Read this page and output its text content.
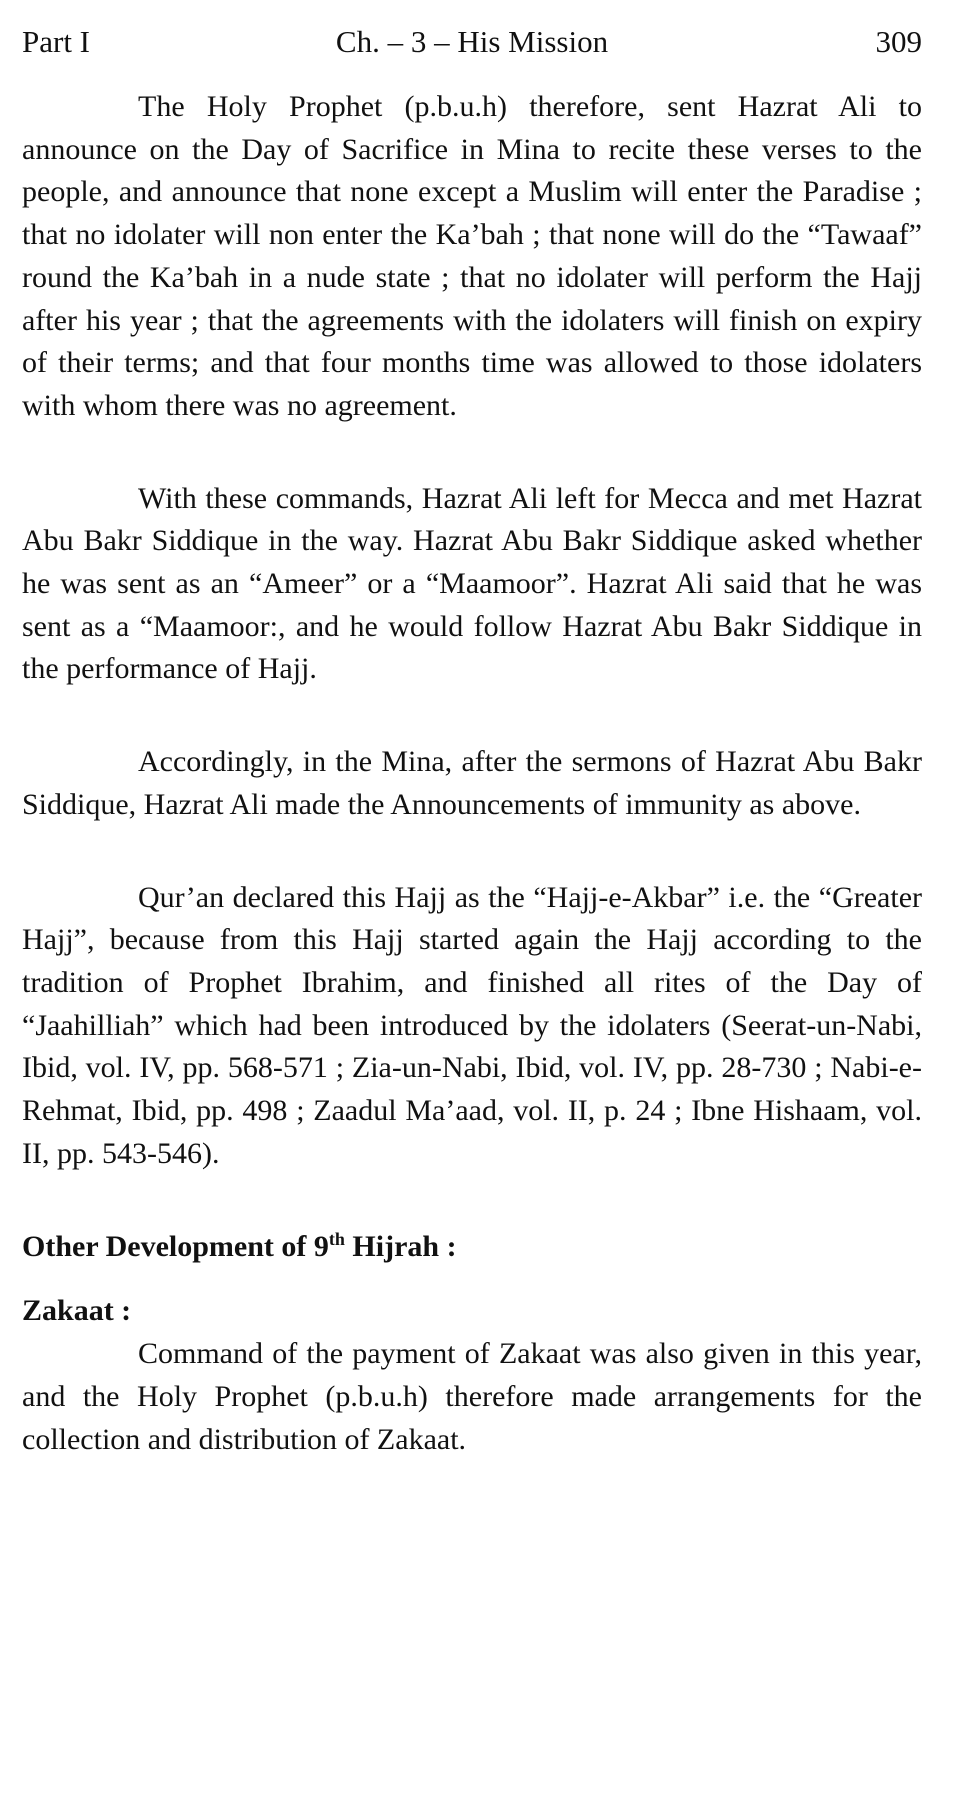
Part I	Ch. – 3 – His Mission	309

The Holy Prophet (p.b.u.h) therefore, sent Hazrat Ali to announce on the Day of Sacrifice in Mina to recite these verses to the people, and announce that none except a Muslim will enter the Paradise ; that no idolater will non enter the Ka’bah ; that none will do the “Tawaaf” round the Ka’bah in a nude state ; that no idolater will perform the Hajj after his year ; that the agreements with the idolaters will finish on expiry of their terms; and that four months time was allowed to those idolaters with whom there was no agreement.

With these commands, Hazrat Ali left for Mecca and met Hazrat Abu Bakr Siddique in the way. Hazrat Abu Bakr Siddique asked whether he was sent as an “Ameer” or a “Maamoor”. Hazrat Ali said that he was sent as a “Maamoor:, and he would follow Hazrat Abu Bakr Siddique in the performance of Hajj.

Accordingly, in the Mina, after the sermons of Hazrat Abu Bakr Siddique, Hazrat Ali made the Announcements of immunity as above.

Qur’an declared this Hajj as the “Hajj-e-Akbar” i.e. the “Greater Hajj”, because from this Hajj started again the Hajj according to the tradition of Prophet Ibrahim, and finished all rites of the Day of “Jaahilliah” which had been introduced by the idolaters (Seerat-un-Nabi, Ibid, vol. IV, pp. 568-571 ; Zia-un-Nabi, Ibid, vol. IV, pp. 28-730 ; Nabi-e-Rehmat, Ibid, pp. 498 ; Zaadul Ma’aad, vol. II, p. 24 ; Ibne Hishaam, vol. II, pp. 543-546).

Other Development of 9th Hijrah :
Zakaat :

Command of the payment of Zakaat was also given in this year, and the Holy Prophet (p.b.u.h) therefore made arrangements for the collection and distribution of Zakaat.
